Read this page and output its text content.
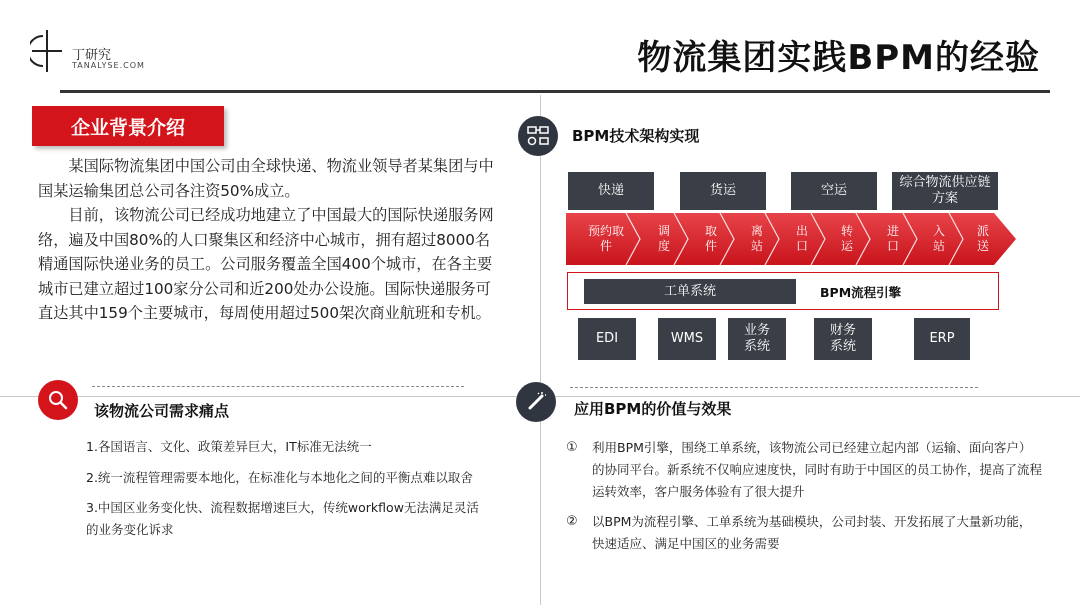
丁研究
TANALYSE.COM	物流集团实践BPM的经验
企业背景介绍

某国际物流集团中国公司由全球快递、物流业领导者某集团与中国某运输集团总公司各注资50%成立。

目前，该物流公司已经成功地建立了中国最大的国际快递服务网络，遍及中国80%的人口聚集区和经济中心城市，拥有超过8000名精通国际快递业务的员工。公司服务覆盖全国400个城市，在各主要城市已建立超过100家分公司和近200处办公设施。国际快递服务可直达其中159个主要城市，每周使用超过500架次商业航班和专机。

BPM技术架构实现
快递	货运	空运
综合物流供应链方案
预约取件
调度
取件
离站
出口
转运
进口
入站
派送
工单系统	BPM流程引擎
EDI	WMS
业务系统
财务系统
ERP
该物流公司需求痛点
1.各国语言、文化、政策差异巨大，IT标准无法统一
2.统一流程管理需要本地化，在标准化与本地化之间的平衡点难以取舍
3.中国区业务变化快、流程数据增速巨大，传统workflow无法满足灵活的业务变化诉求
应用BPM的价值与效果
① 利用BPM引擎，围绕工单系统，该物流公司已经建立起内部（运输、面向客户）的协同平台。新系统不仅响应速度快，同时有助于中国区的员工协作，提高了流程运转效率，客户服务体验有了很大提升
② 以BPM为流程引擎、工单系统为基础模块，公司封装、开发拓展了大量新功能，快速适应、满足中国区的业务需要
